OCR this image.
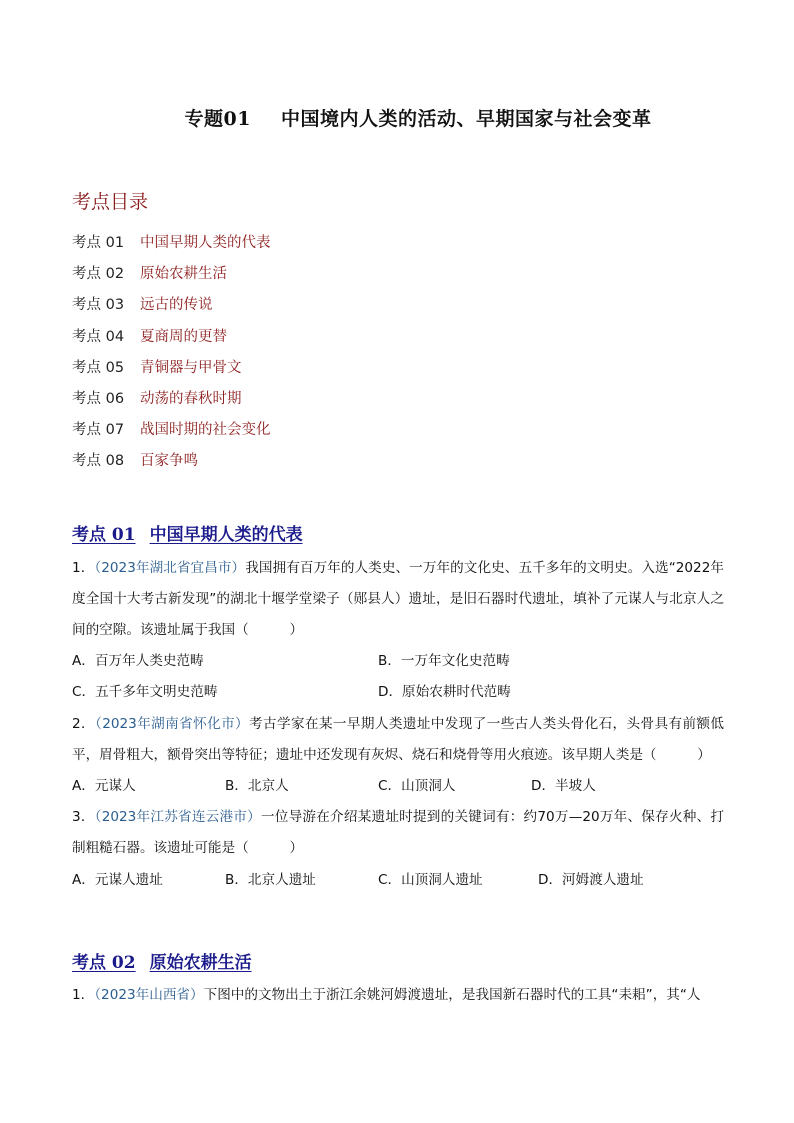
专题01 中国境内人类的活动、早期国家与社会变革
考点目录
考点 01	中国早期人类的代表
考点 02	原始农耕生活
考点 03	远古的传说
考点 04	夏商周的更替
考点 05	青铜器与甲骨文
考点 06	动荡的春秋时期
考点 07	战国时期的社会变化
考点 08	百家争鸣
考点 01 中国早期人类的代表
1．（2023年湖北省宜昌市）我国拥有百万年的人类史、一万年的文化史、五千多年的文明史。入选“2022年度全国十大考古新发现”的湖北十堰学堂梁子（郧县人）遗址，是旧石器时代遗址，填补了元谋人与北京人之间的空隙。该遗址属于我国（　　　）
A．百万年人类史范畴	B．一万年文化史范畴
C．五千多年文明史范畴	D．原始农耕时代范畴
2．（2023年湖南省怀化市）考古学家在某一早期人类遗址中发现了一些古人类头骨化石，头骨具有前额低平，眉骨粗大，额骨突出等特征；遗址中还发现有灰烬、烧石和烧骨等用火痕迹。该早期人类是（　　　）
A．元谋人	B．北京人	C．山顶洞人	D．半坡人
3．（2023年江苏省连云港市）一位导游在介绍某遗址时提到的关键词有：约70万—20万年、保存火种、打制粗糙石器。该遗址可能是（　　　）
A．元谋人遗址	B．北京人遗址	C．山顶洞人遗址	D．河姆渡人遗址
考点 02 原始农耕生活
1．（2023年山西省）下图中的文物出土于浙江余姚河姆渡遗址，是我国新石器时代的工具“耒耜”，其“人
